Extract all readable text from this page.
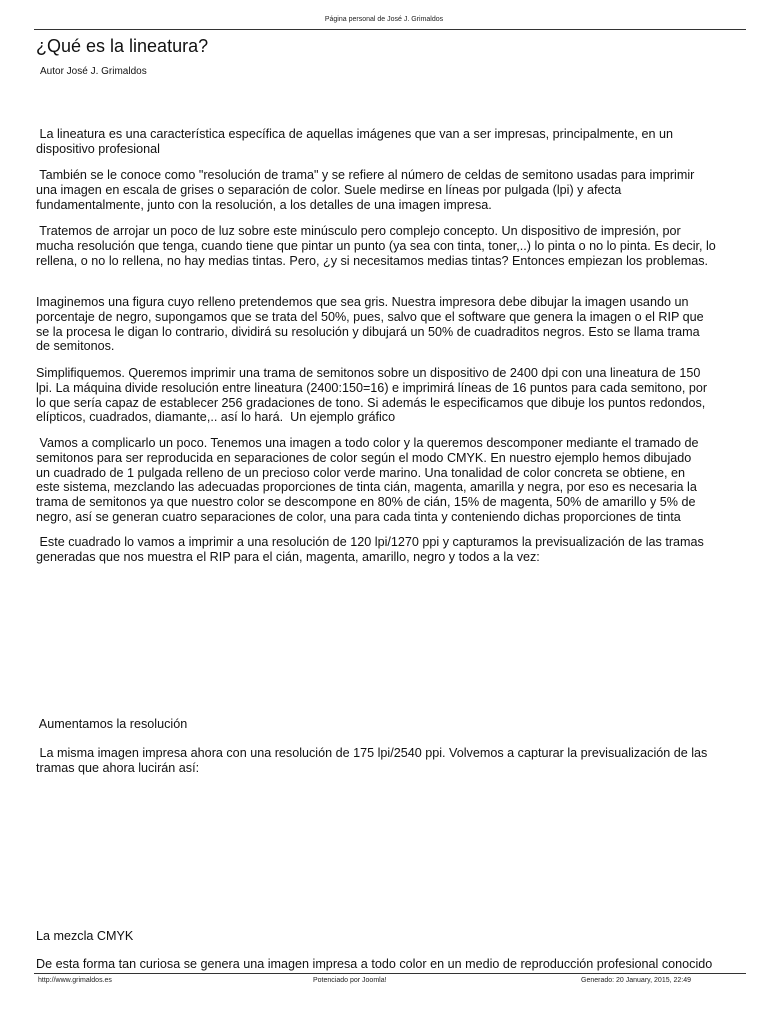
Página personal de José J. Grimaldos
¿Qué es la lineatura?
Autor José J. Grimaldos

La lineatura es una característica específica de aquellas imágenes que van a ser impresas, principalmente, en un
dispositivo profesional

También se le conoce como "resolución de trama" y se refiere al número de celdas de semitono usadas para imprimir
una imagen en escala de grises o separación de color. Suele medirse en líneas por pulgada (lpi) y afecta
fundamentalmente, junto con la resolución, a los detalles de una imagen impresa.

Tratemos de arrojar un poco de luz sobre este minúsculo pero complejo concepto. Un dispositivo de impresión, por
mucha resolución que tenga, cuando tiene que pintar un punto (ya sea con tinta, toner,..) lo pinta o no lo pinta. Es decir, lo
rellena, o no lo rellena, no hay medias tintas. Pero, ¿y si necesitamos medias tintas? Entonces empiezan los problemas.

Imaginemos una figura cuyo relleno pretendemos que sea gris. Nuestra impresora debe dibujar la imagen usando un
porcentaje de negro, supongamos que se trata del 50%, pues, salvo que el software que genera la imagen o el RIP que
se la procesa le digan lo contrario, dividirá su resolución y dibujará un 50% de cuadraditos negros. Esto se llama trama
de semitonos.

Simplifiquemos. Queremos imprimir una trama de semitonos sobre un dispositivo de 2400 dpi con una lineatura de 150
lpi. La máquina divide resolución entre lineatura (2400:150=16) e imprimirá líneas de 16 puntos para cada semitono, por
lo que sería capaz de establecer 256 gradaciones de tono. Si además le especificamos que dibuje los puntos redondos,
elípticos, cuadrados, diamante,.. así lo hará.  Un ejemplo gráfico

Vamos a complicarlo un poco. Tenemos una imagen a todo color y la queremos descomponer mediante el tramado de
semitonos para ser reproducida en separaciones de color según el modo CMYK. En nuestro ejemplo hemos dibujado
un cuadrado de 1 pulgada relleno de un precioso color verde marino. Una tonalidad de color concreta se obtiene, en
este sistema, mezclando las adecuadas proporciones de tinta cián, magenta, amarilla y negra, por eso es necesaria la
trama de semitonos ya que nuestro color se descompone en 80% de cián, 15% de magenta, 50% de amarillo y 5% de
negro, así se generan cuatro separaciones de color, una para cada tinta y conteniendo dichas proporciones de tinta

Este cuadrado lo vamos a imprimir a una resolución de 120 lpi/1270 ppi y capturamos la previsualización de las tramas
generadas que nos muestra el RIP para el cián, magenta, amarillo, negro y todos a la vez:

Aumentamos la resolución

La misma imagen impresa ahora con una resolución de 175 lpi/2540 ppi. Volvemos a capturar la previsualización de las
tramas que ahora lucirán así:

La mezcla CMYK

De esta forma tan curiosa se genera una imagen impresa a todo color en un medio de reproducción profesional conocido

http://www.grimaldos.es	Potenciado por Joomla!	Generado: 20 January, 2015, 22:49
